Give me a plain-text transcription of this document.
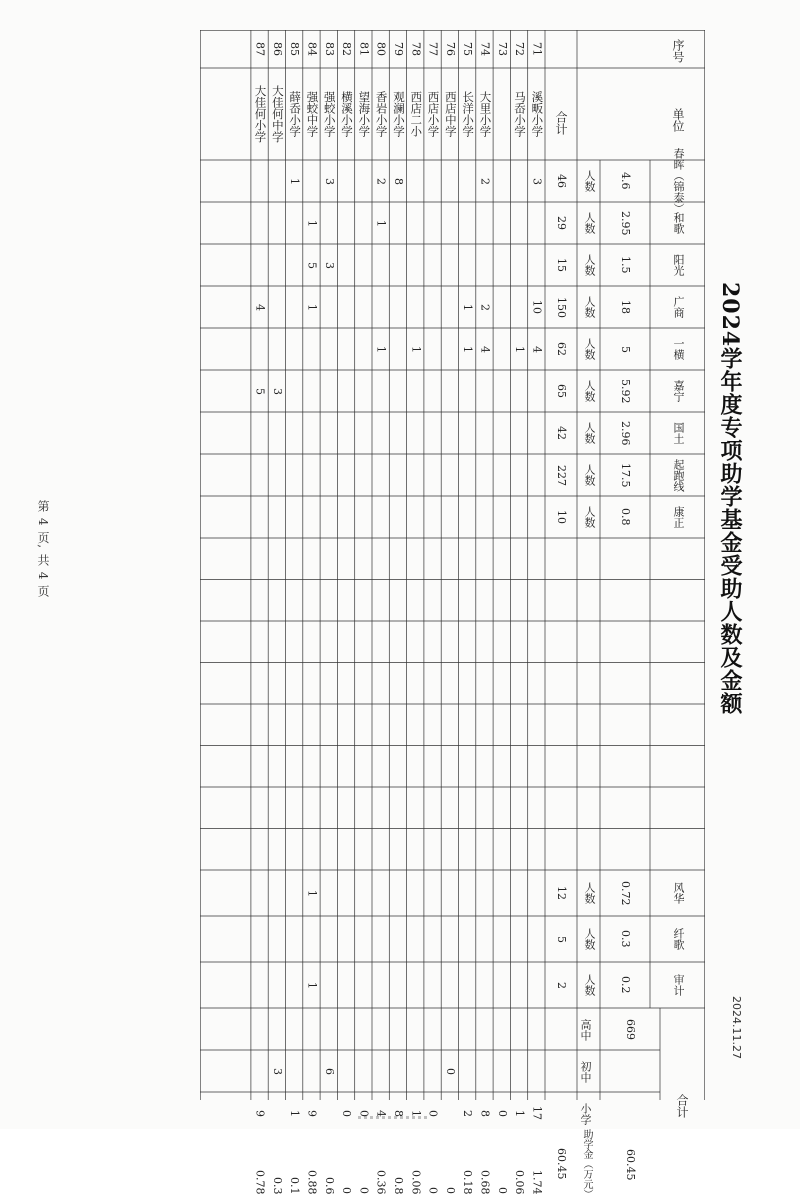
2024学年度专项助学基金受助人数及金额
2024.11.27
第 4 页, 共 4 页
序号
单位
春晖（锦泰）
4.6
人数
和歌
2.95
人数
阳光
1.5
人数
广商
18
人数
一横
5
人数
嘉宁
5.92
人数
国土
2.96
人数
起跑线
17.5
人数
康正
0.8
人数
风华
0.72
人数
纤歌
0.3
人数
审计
0.2
人数
合计
669
60.45
高中
初中
小学
助学金（万元）
合计
46
29
15
150
62
65
42
227
10
12
5
2
60.45
71
溪畈小学
3
10
4
17
1.74
72
马岙小学
1
1
0.06
73
0
0
74
大里小学
2
2
4
8
0.68
75
长洋小学
1
1
2
0.18
76
西店中学
0
0
77
西店小学
0
0
78
西店二小
1
1
0.06
79
观澜小学
8
8
0.8
80
香岩小学
2
1
1
4
0.36
81
望海小学
0
0
82
横溪小学
0
0
83
强蛟小学
3
3
6
0.6
84
强蛟中学
1
5
1
1
1
9
0.88
85
薛岙小学
1
1
0.1
86
大佳何中学
3
3
0.3
87
大佳何小学
4
5
9
0.78
